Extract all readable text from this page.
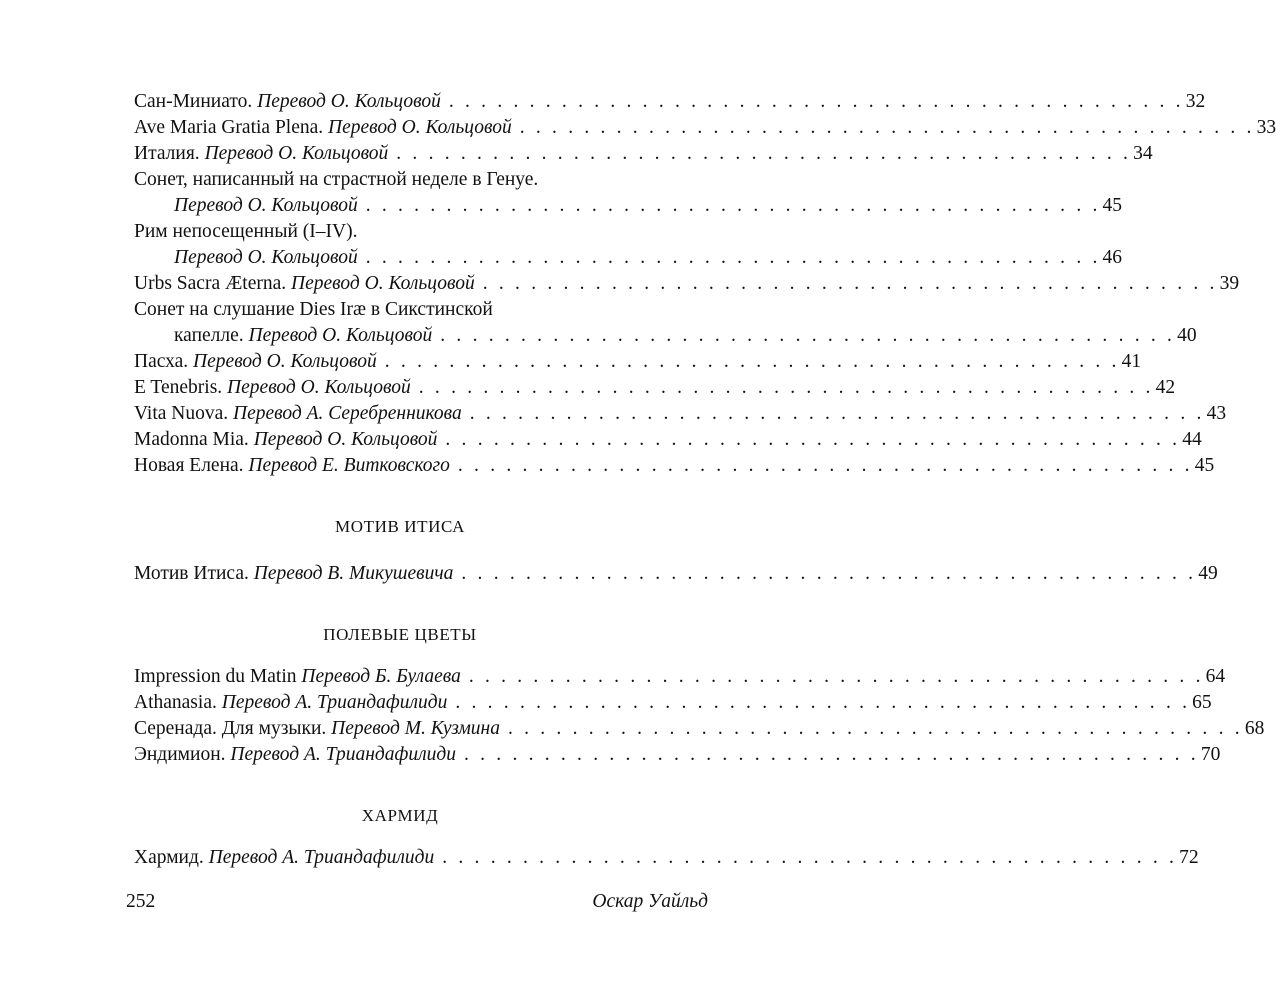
Сан-Миниато.
Перевод О. Кольцовой . . . . . . . . . . . . . . . . . . . . . . . . . . . . . . . . . . . . . . . . . . . . . . 32
Ave Maria Gratia Plena.
Перевод О. Кольцовой . . . . . . . . . . . . . . . . . . . . . . . . . . . . . . . . . . . . . . . . . . . . . . 33
Италия.
Перевод О. Кольцовой . . . . . . . . . . . . . . . . . . . . . . . . . . . . . . . . . . . . . . . . . . . . . . 34
Сонет, написанный на страстной неделе в Генуе.
Перевод О. Кольцовой . . . . . . . . . . . . . . . . . . . . . . . . . . . . . . . . . . . . . . . . . . . . . . 45
Рим непосещенный (I–IV).
Перевод О. Кольцовой . . . . . . . . . . . . . . . . . . . . . . . . . . . . . . . . . . . . . . . . . . . . . . 46
Urbs Sacra Æterna.
Перевод О. Кольцовой . . . . . . . . . . . . . . . . . . . . . . . . . . . . . . . . . . . . . . . . . . . . . . 39
Сонет на слушание Dies Iræ в Сикстинской
капелле.
Перевод О. Кольцовой . . . . . . . . . . . . . . . . . . . . . . . . . . . . . . . . . . . . . . . . . . . . . . 40
Пасха.
Перевод О. Кольцовой . . . . . . . . . . . . . . . . . . . . . . . . . . . . . . . . . . . . . . . . . . . . . . 41
E Tenebris.
Перевод О. Кольцовой . . . . . . . . . . . . . . . . . . . . . . . . . . . . . . . . . . . . . . . . . . . . . . 42
Vita Nuova.
Перевод А. Серебренникова . . . . . . . . . . . . . . . . . . . . . . . . . . . . . . . . . . . . . . . . . . . . . . 43
Madonna Mia.
Перевод О. Кольцовой . . . . . . . . . . . . . . . . . . . . . . . . . . . . . . . . . . . . . . . . . . . . . . 44
Новая Елена.
Перевод Е. Витковского . . . . . . . . . . . . . . . . . . . . . . . . . . . . . . . . . . . . . . . . . . . . . . 45
МОТИВ ИТИСА
Мотив Итиса.
Перевод В. Микушевича . . . . . . . . . . . . . . . . . . . . . . . . . . . . . . . . . . . . . . . . . . . . . . 49
ПОЛЕВЫЕ ЦВЕТЫ
Impression du Matin
Перевод Б. Булаева . . . . . . . . . . . . . . . . . . . . . . . . . . . . . . . . . . . . . . . . . . . . . . 64
Athanasia.
Перевод А. Триандафилиди . . . . . . . . . . . . . . . . . . . . . . . . . . . . . . . . . . . . . . . . . . . . . . 65
Серенада. Для музыки.
Перевод М. Кузмина . . . . . . . . . . . . . . . . . . . . . . . . . . . . . . . . . . . . . . . . . . . . . . 68
Эндимион.
Перевод А. Триандафилиди . . . . . . . . . . . . . . . . . . . . . . . . . . . . . . . . . . . . . . . . . . . . . . 70
ХАРМИД
Хармид.
Перевод А. Триандафилиди . . . . . . . . . . . . . . . . . . . . . . . . . . . . . . . . . . . . . . . . . . . . . . 72
252	Оскар Уайльд
